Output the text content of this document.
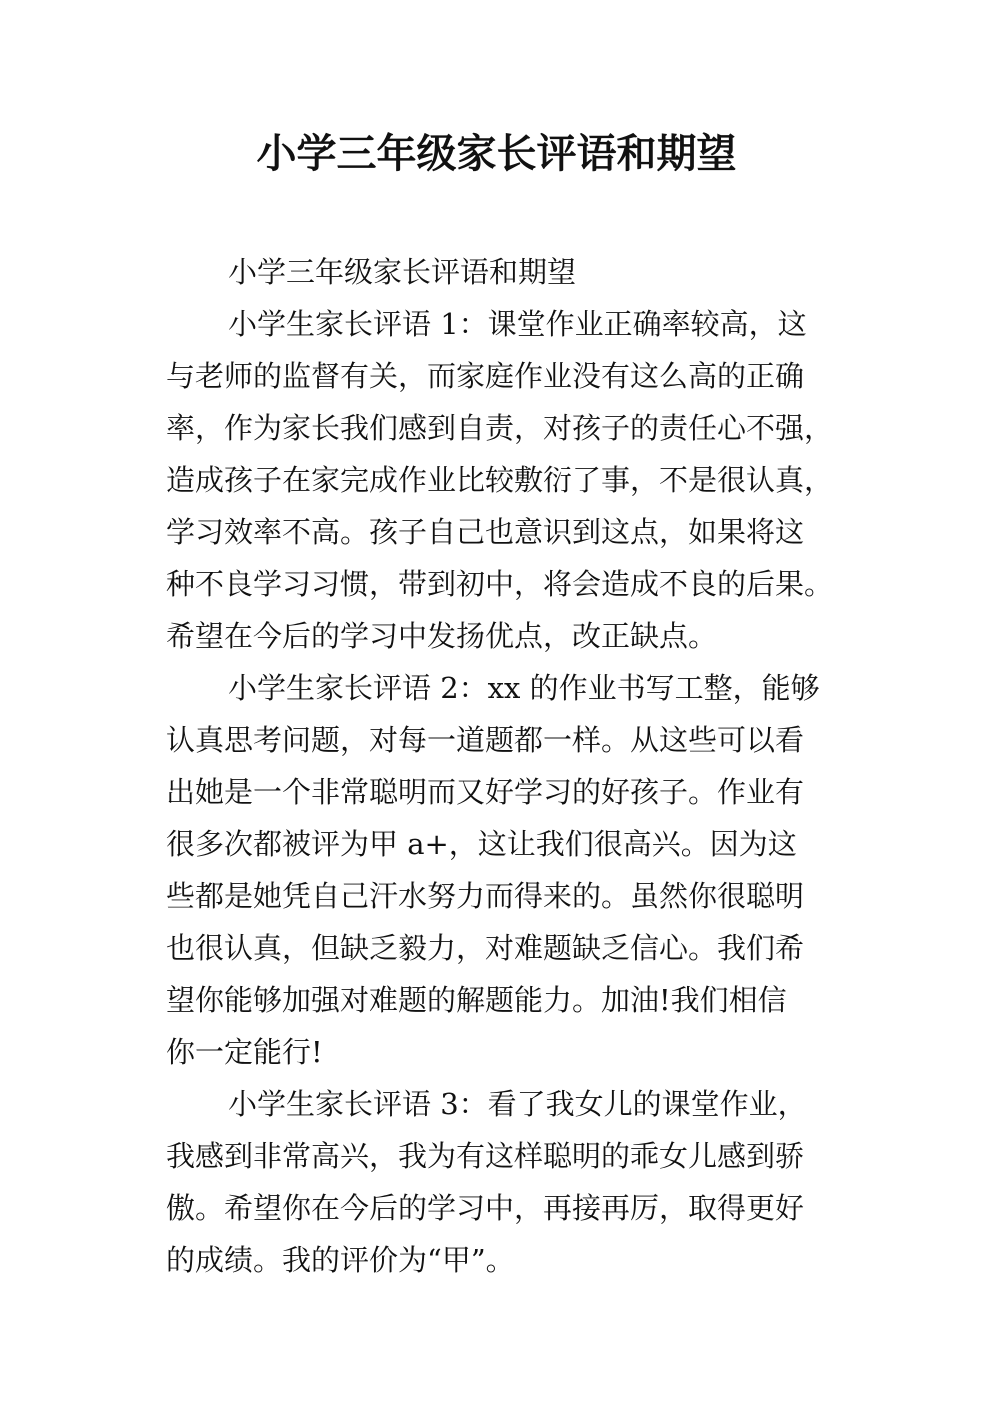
小学三年级家长评语和期望
小学三年级家长评语和期望
小学生家长评语 1：课堂作业正确率较高，这
与老师的监督有关，而家庭作业没有这么高的正确
率，作为家长我们感到自责，对孩子的责任心不强，
造成孩子在家完成作业比较敷衍了事，不是很认真，
学习效率不高。孩子自己也意识到这点，如果将这
种不良学习习惯，带到初中，将会造成不良的后果。
希望在今后的学习中发扬优点，改正缺点。
小学生家长评语 2：xx 的作业书写工整，能够
认真思考问题，对每一道题都一样。从这些可以看
出她是一个非常聪明而又好学习的好孩子。作业有
很多次都被评为甲 a+，这让我们很高兴。因为这
些都是她凭自己汗水努力而得来的。虽然你很聪明
也很认真，但缺乏毅力，对难题缺乏信心。我们希
望你能够加强对难题的解题能力。加油!我们相信
你一定能行!
小学生家长评语 3：看了我女儿的课堂作业，
我感到非常高兴，我为有这样聪明的乖女儿感到骄
傲。希望你在今后的学习中，再接再厉，取得更好
的成绩。我的评价为“甲”。
